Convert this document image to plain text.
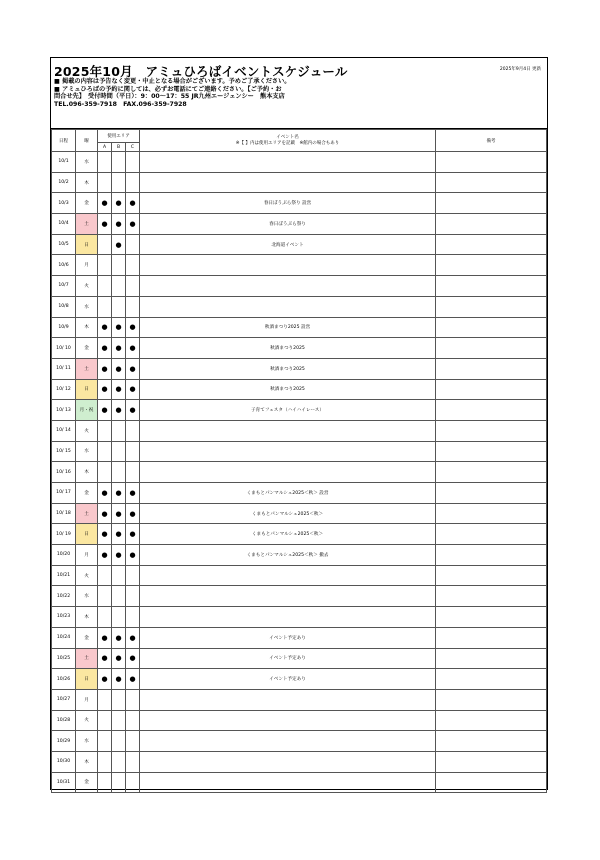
2025年10月　アミュひろばイベントスケジュール	2025年9月4日 更新
■ 掲載の内容は予告なく変更・中止となる場合がございます。予めご了承ください。
■ アミュひろばの予約に関しては、必ずお電話にてご連絡ください。【ご予約・お
問合せ先】　受付時間（平日）：9：00～17：55 JR九州エージェンシー　熊本支店
TEL.096-359-7918　FAX.096-359-7928
日程	曜	使用エリア			イベント名
※【 】内は使用エリアを記載　※館内の場合もあり	備考
		A	B	C		
10/1	水					
10/2	木					
10/3	金	●	●	●	春日ぼうぶら祭り 設営	
10/4	土	●	●	●	春日ぼうぶら祭り	
10/5	日		●		北海道イベント	
10/6	月					
10/7	火					
10/8	水					
10/9	木	●	●	●	秋酒まつり2025 設営	
10/ 10	金	●	●	●	秋酒まつり2025	
10/ 11	土	●	●	●	秋酒まつり2025	
10/ 12	日	●	●	●	秋酒まつり2025	
10/ 13	月・祝	●	●	●	子育てフェスタ（ハイハイレース）	
10/ 14	火					
10/ 15	水					
10/ 16	木					
10/ 17	金	●	●	●	くまもとパンマルシェ2025＜秋＞ 設営	
10/ 18	土	●	●	●	くまもとパンマルシェ2025＜秋＞	
10/ 19	日	●	●	●	くまもとパンマルシェ2025＜秋＞	
10/20	月	●	●	●	くまもとパンマルシェ2025＜秋＞ 撤去	
10/21	火					
10/22	水					
10/23	木					
10/24	金	●	●	●	イベント予定あり	
10/25	土	●	●	●	イベント予定あり	
10/26	日	●	●	●	イベント予定あり	
10/27	月					
10/28	火					
10/29	水					
10/30	木					
10/31	金					
